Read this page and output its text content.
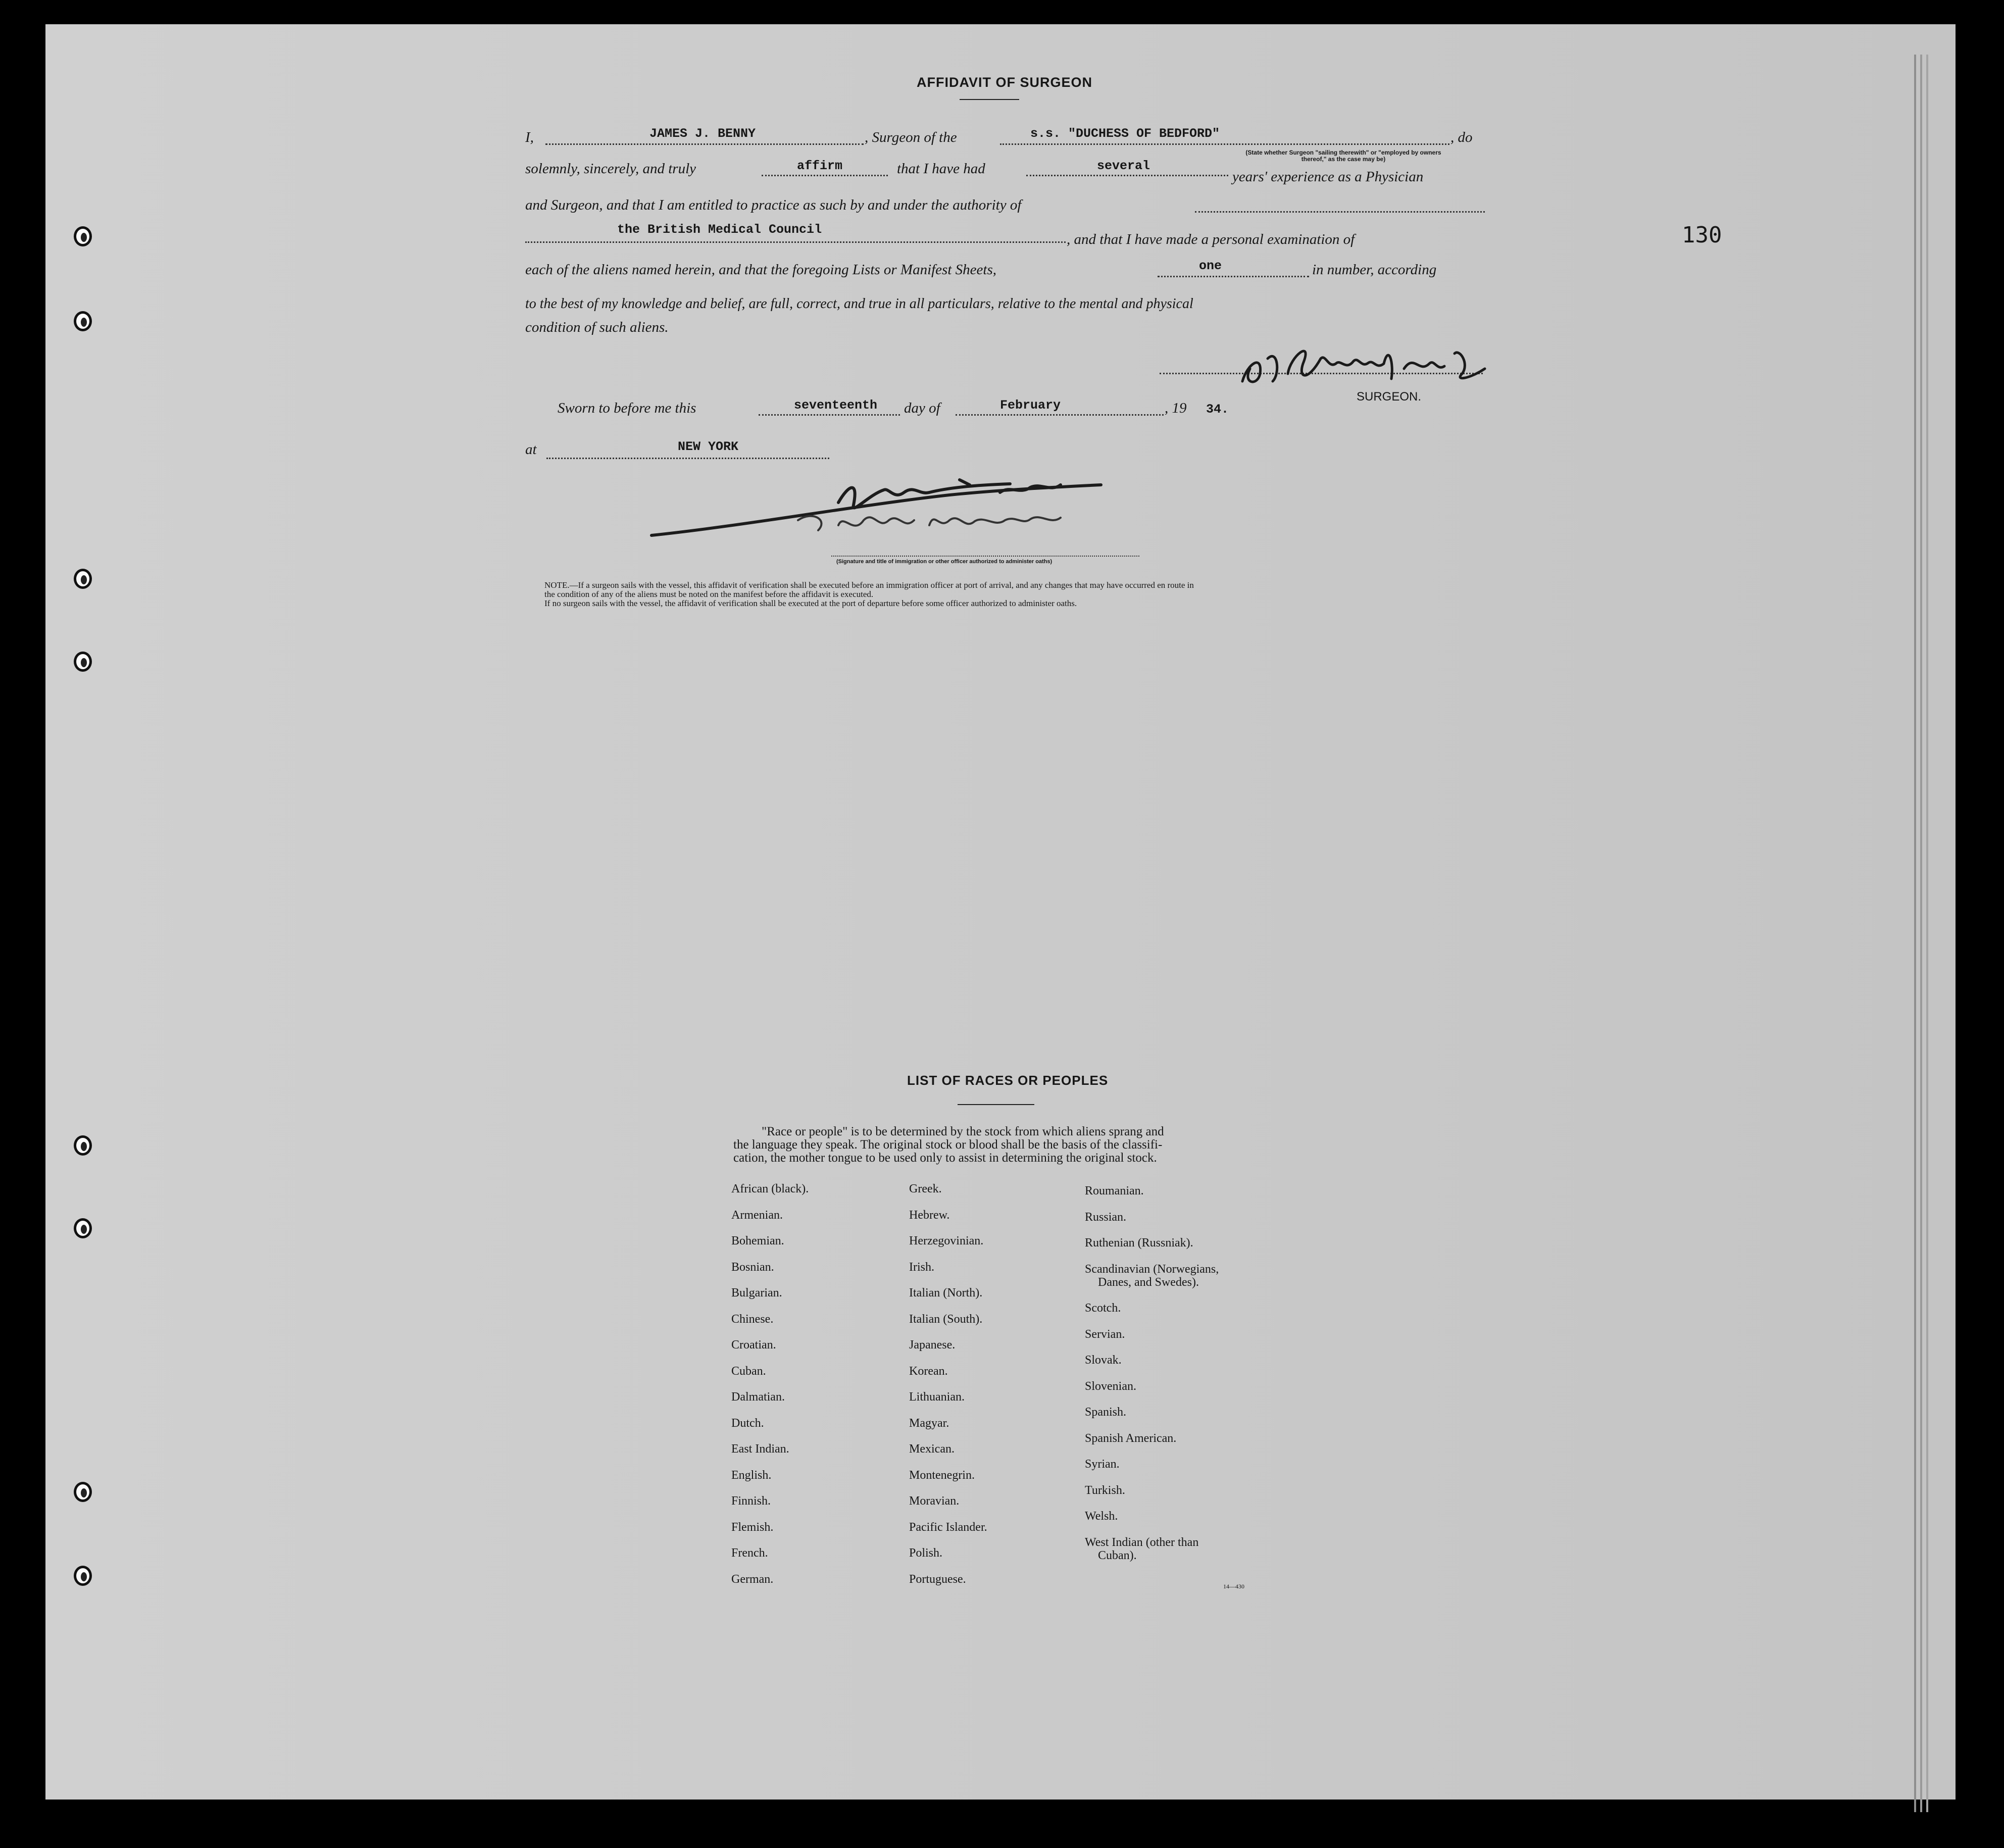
130
AFFIDAVIT OF SURGEON
I,	JAMES J. BENNY	, Surgeon of the	s.s. "DUCHESS OF BEDFORD"	, do
(State whether Surgeon "sailing therewith" or "employed by owners thereof," as the case may be)
solemnly, sincerely, and truly	affirm	that I have had	several
years' experience as a Physician
and Surgeon, and that I am entitled to practice as such by and under the authority of
the British Medical Council
, and that I have made a personal examination of
each of the aliens named herein, and that the foregoing Lists or Manifest Sheets,	one	in number, according
to the best of my knowledge and belief, are full, correct, and true in all particulars, relative to the mental and physical
condition of such aliens.
SURGEON.
Sworn to before me this	seventeenth day of	February	, 19 34.
at	NEW YORK
(Signature and title of immigration or other officer authorized to administer oaths)
NOTE.—If a surgeon sails with the vessel, this affidavit of verification shall be executed before an immigration officer at port of arrival, and any changes that may have occurred en route in
the condition of any of the aliens must be noted on the manifest before the affidavit is executed.
If no surgeon sails with the vessel, the affidavit of verification shall be executed at the port of departure before some officer authorized to administer oaths.
LIST OF RACES OR PEOPLES
"Race or people" is to be determined by the stock from which aliens sprang and
the language they speak. The original stock or blood shall be the basis of the classifi-
cation, the mother tongue to be used only to assist in determining the original stock.
African (black).
Armenian.
Bohemian.
Bosnian.
Bulgarian.
Chinese.
Croatian.
Cuban.
Dalmatian.
Dutch.
East Indian.
English.
Finnish.
Flemish.
French.
German.
Greek.
Hebrew.
Herzegovinian.
Irish.
Italian (North).
Italian (South).
Japanese.
Korean.
Lithuanian.
Magyar.
Mexican.
Montenegrin.
Moravian.
Pacific Islander.
Polish.
Portuguese.
Roumanian.
Russian.
Ruthenian (Russniak).
Scandinavian (Norwegians,
Danes, and Swedes).
Scotch.
Servian.
Slovak.
Slovenian.
Spanish.
Spanish American.
Syrian.
Turkish.
Welsh.
West Indian (other than
Cuban).
14—430
